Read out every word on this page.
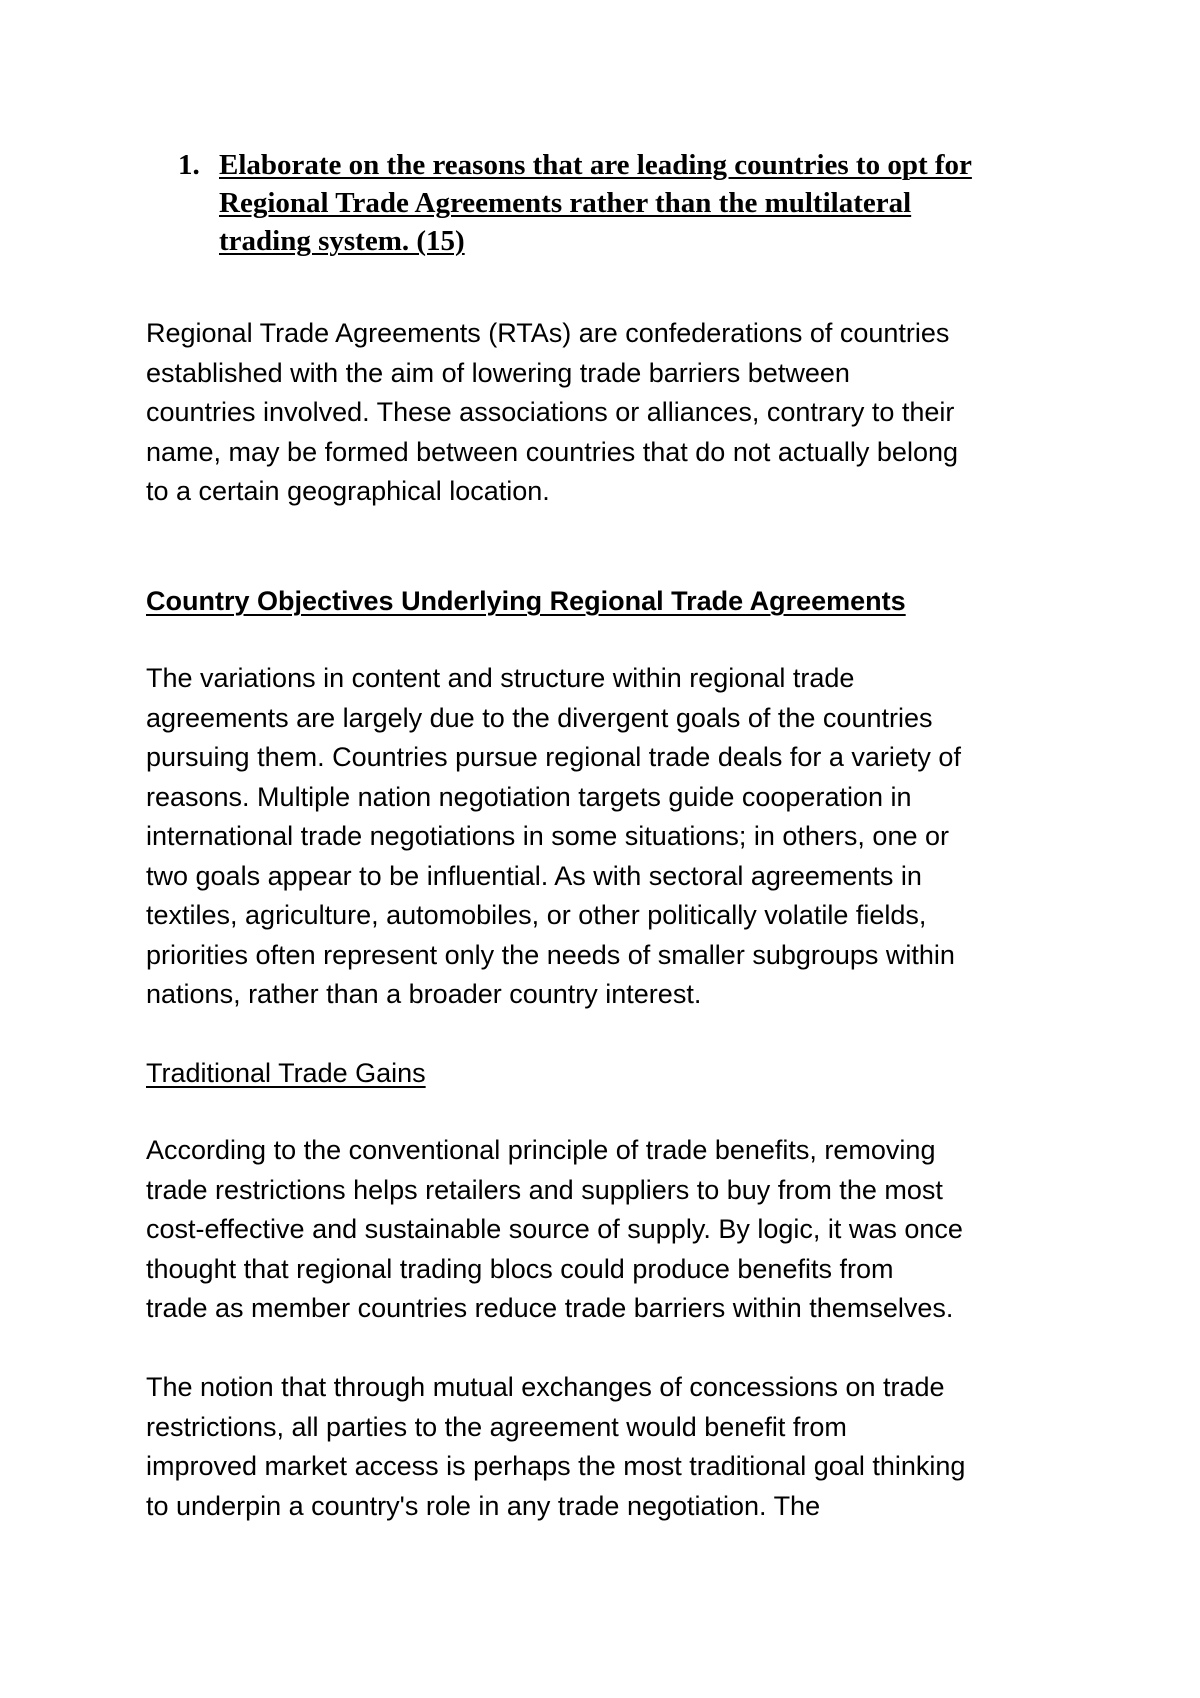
1. Elaborate on the reasons that are leading countries to opt for
Regional Trade Agreements rather than the multilateral
trading system. (15)
Regional Trade Agreements (RTAs) are confederations of countries
established with the aim of lowering trade barriers between
countries involved. These associations or alliances, contrary to their
name, may be formed between countries that do not actually belong
to a certain geographical location.
Country Objectives Underlying Regional Trade Agreements
The variations in content and structure within regional trade
agreements are largely due to the divergent goals of the countries
pursuing them. Countries pursue regional trade deals for a variety of
reasons. Multiple nation negotiation targets guide cooperation in
international trade negotiations in some situations; in others, one or
two goals appear to be influential. As with sectoral agreements in
textiles, agriculture, automobiles, or other politically volatile fields,
priorities often represent only the needs of smaller subgroups within
nations, rather than a broader country interest.
Traditional Trade Gains
According to the conventional principle of trade benefits, removing
trade restrictions helps retailers and suppliers to buy from the most
cost-effective and sustainable source of supply. By logic, it was once
thought that regional trading blocs could produce benefits from
trade as member countries reduce trade barriers within themselves.
The notion that through mutual exchanges of concessions on trade
restrictions, all parties to the agreement would benefit from
improved market access is perhaps the most traditional goal thinking
to underpin a country's role in any trade negotiation. The
